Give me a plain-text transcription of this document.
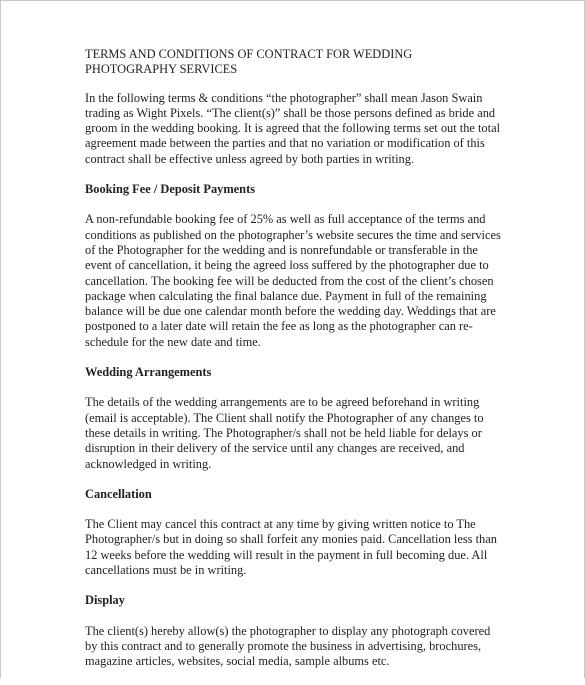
TERMS AND CONDITIONS OF CONTRACT FOR WEDDING PHOTOGRAPHY SERVICES

In the following terms & conditions “the photographer” shall mean Jason Swain trading as Wight Pixels. “The client(s)” shall be those persons defined as bride and groom in the wedding booking. It is agreed that the following terms set out the total agreement made between the parties and that no variation or modification of this contract shall be effective unless agreed by both parties in writing.

Booking Fee / Deposit Payments

A non-refundable booking fee of 25% as well as full acceptance of the terms and conditions as published on the photographer’s website secures the time and services of the Photographer for the wedding and is nonrefundable or transferable in the event of cancellation, it being the agreed loss suffered by the photographer due to cancellation. The booking fee will be deducted from the cost of the client’s chosen package when calculating the final balance due. Payment in full of the remaining balance will be due one calendar month before the wedding day. Weddings that are postponed to a later date will retain the fee as long as the photographer can re-schedule for the new date and time.

Wedding Arrangements

The details of the wedding arrangements are to be agreed beforehand in writing (email is acceptable). The Client shall notify the Photographer of any changes to these details in writing. The Photographer/s shall not be held liable for delays or disruption in their delivery of the service until any changes are received, and acknowledged in writing.

Cancellation

The Client may cancel this contract at any time by giving written notice to The Photographer/s but in doing so shall forfeit any monies paid. Cancellation less than 12 weeks before the wedding will result in the payment in full becoming due. All cancellations must be in writing.

Display

The client(s) hereby allow(s) the photographer to display any photograph covered by this contract and to generally promote the business in advertising, brochures, magazine articles, websites, social media, sample albums etc.
